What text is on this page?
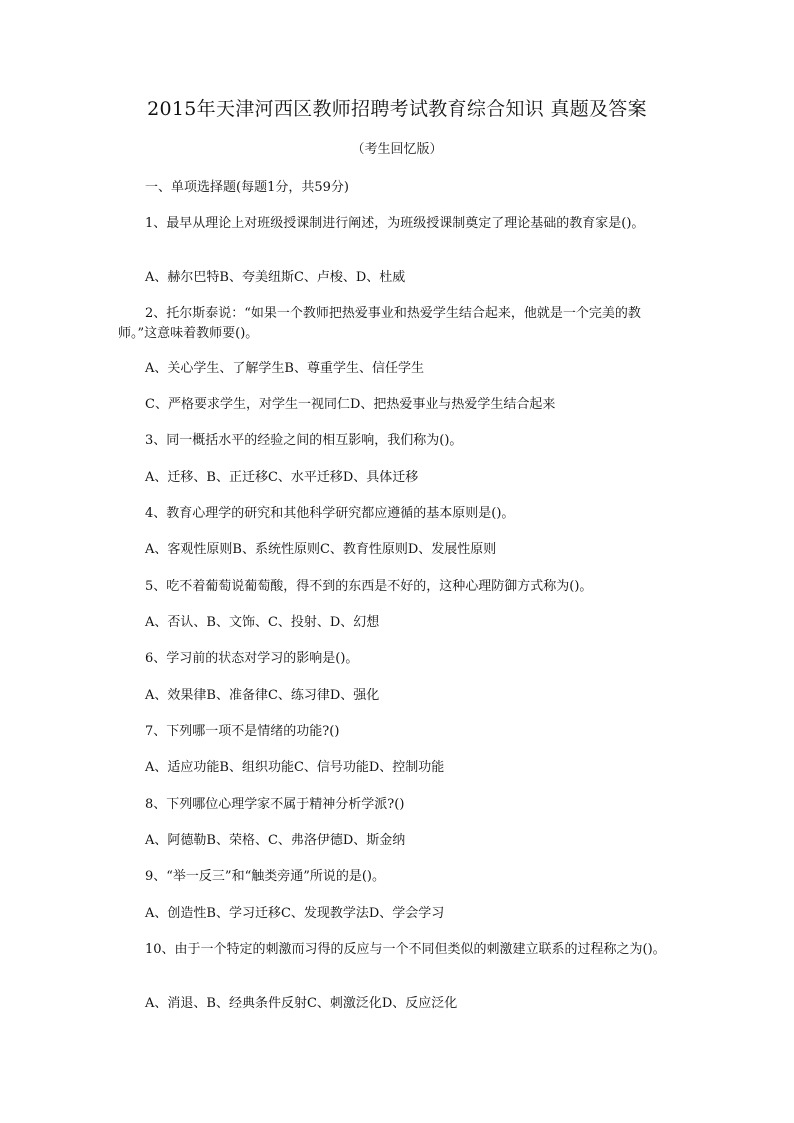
2015年天津河西区教师招聘考试教育综合知识 真题及答案
（考生回忆版）
一、单项选择题(每题1分，共59分)
1、最早从理论上对班级授课制进行阐述，为班级授课制奠定了理论基础的教育家是()。
A、赫尔巴特B、夸美纽斯C、卢梭、D、杜威
2、托尔斯泰说：“如果一个教师把热爱事业和热爱学生结合起来，他就是一个完美的教师。”这意味着教师要()。
A、关心学生、了解学生B、尊重学生、信任学生
C、严格要求学生，对学生一视同仁D、把热爱事业与热爱学生结合起来
3、同一概括水平的经验之间的相互影响，我们称为()。
A、迁移、B、正迁移C、水平迁移D、具体迁移
4、教育心理学的研究和其他科学研究都应遵循的基本原则是()。
A、客观性原则B、系统性原则C、教育性原则D、发展性原则
5、吃不着葡萄说葡萄酸，得不到的东西是不好的，这种心理防御方式称为()。
A、否认、B、文饰、C、投射、D、幻想
6、学习前的状态对学习的影响是()。
A、效果律B、准备律C、练习律D、强化
7、下列哪一项不是情绪的功能?()
A、适应功能B、组织功能C、信号功能D、控制功能
8、下列哪位心理学家不属于精神分析学派?()
A、阿德勒B、荣格、C、弗洛伊德D、斯金纳
9、“举一反三”和“触类旁通”所说的是()。
A、创造性B、学习迁移C、发现教学法D、学会学习
10、由于一个特定的刺激而习得的反应与一个不同但类似的刺激建立联系的过程称之为()。
A、消退、B、经典条件反射C、刺激泛化D、反应泛化
